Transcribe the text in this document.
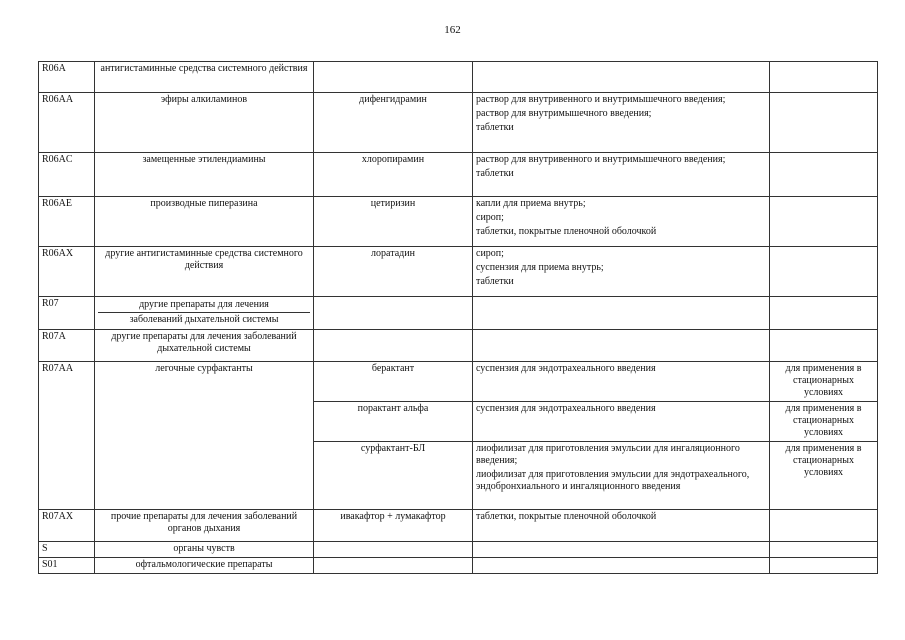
162
R06A	антигистаминные средства системного действия			
R06AA	эфиры алкиламинов	дифенгидрамин	раствор для внутривенного и внутримышечного введения;
раствор для внутримышечного введения;
таблетки	

R06AC	замещенные этилендиамины	хлоропирамин	раствор для внутривенного и внутримышечного введения;
таблетки	

R06AE	производные пиперазина	цетиризин	капли для приема внутрь;
сироп;
таблетки, покрытые пленочной оболочкой	

R06AX	другие антигистаминные средства системного действия	лоратадин	сироп;
суспензия для приема внутрь;
таблетки	

R07	другие препараты для лечения
заболеваний дыхательной системы			

R07A	другие препараты для лечения заболеваний дыхательной системы			
R07AA	легочные сурфактанты	берактант	суспензия для эндотрахеального введения	для применения в стационарных условиях
		порактант альфа	суспензия для эндотрахеального введения	для применения в стационарных условиях
		сурфактант-БЛ	лиофилизат для приготовления эмульсии для ингаляционного введения;
лиофилизат для приготовления эмульсии для эндотрахеального, эндобронхиального и ингаляционного введения	для применения в стационарных условиях
R07AX	прочие препараты для лечения заболеваний органов дыхания	ивакафтор + лумакафтор	таблетки, покрытые пленочной оболочкой	

S	органы чувств			
S01	офтальмологические препараты			
